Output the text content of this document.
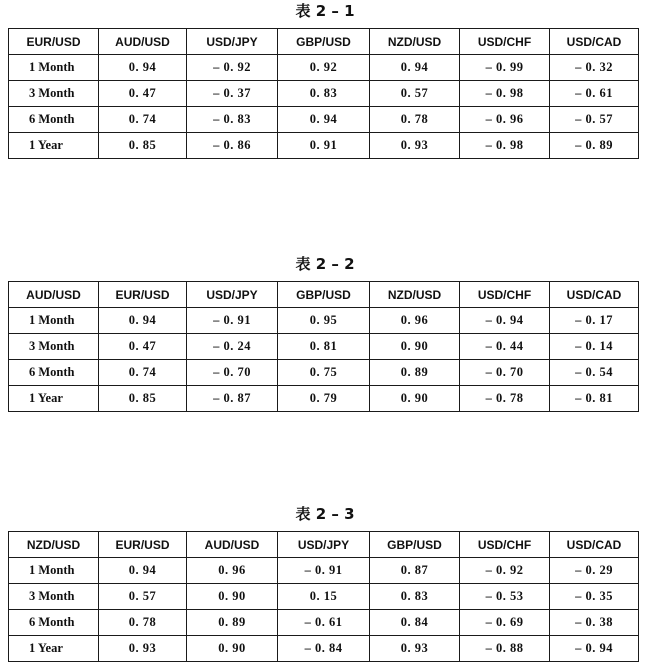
表 2 – 1
EUR/USD	AUD/USD	USD/JPY	GBP/USD	NZD/USD	USD/CHF	USD/CAD
1 Month	0. 94	– 0. 92	0. 92	0. 94	– 0. 99	– 0. 32
3 Month	0. 47	– 0. 37	0. 83	0. 57	– 0. 98	– 0. 61
6 Month	0. 74	– 0. 83	0. 94	0. 78	– 0. 96	– 0. 57
1 Year	0. 85	– 0. 86	0. 91	0. 93	– 0. 98	– 0. 89
表 2 – 2
AUD/USD	EUR/USD	USD/JPY	GBP/USD	NZD/USD	USD/CHF	USD/CAD
1 Month	0. 94	– 0. 91	0. 95	0. 96	– 0. 94	– 0. 17
3 Month	0. 47	– 0. 24	0. 81	0. 90	– 0. 44	– 0. 14
6 Month	0. 74	– 0. 70	0. 75	0. 89	– 0. 70	– 0. 54
1 Year	0. 85	– 0. 87	0. 79	0. 90	– 0. 78	– 0. 81
表 2 – 3
NZD/USD	EUR/USD	AUD/USD	USD/JPY	GBP/USD	USD/CHF	USD/CAD
1 Month	0. 94	0. 96	– 0. 91	0. 87	– 0. 92	– 0. 29
3 Month	0. 57	0. 90	0. 15	0. 83	– 0. 53	– 0. 35
6 Month	0. 78	0. 89	– 0. 61	0. 84	– 0. 69	– 0. 38
1 Year	0. 93	0. 90	– 0. 84	0. 93	– 0. 88	– 0. 94
